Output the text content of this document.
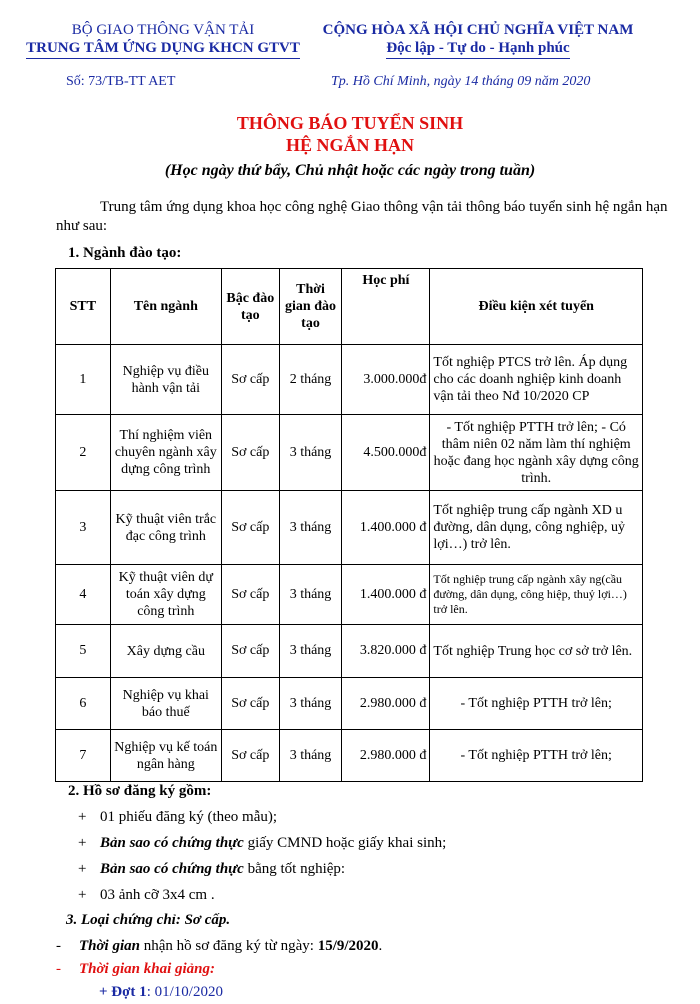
BỘ GIAO THÔNG VẬN TẢI
TRUNG TÂM ỨNG DỤNG KHCN GTVT
CỘNG HÒA XÃ HỘI CHỦ NGHĨA VIỆT NAM
Độc lập - Tự do - Hạnh phúc
Số: 73/TB-TT AET	Tp. Hồ Chí Minh, ngày 14 tháng 09 năm 2020
THÔNG BÁO TUYỂN SINH
HỆ NGẮN HẠN
(Học ngày thứ bẩy, Chủ nhật hoặc các ngày trong tuần)
Trung tâm ứng dụng khoa học công nghệ Giao thông vận tải thông báo tuyển sinh hệ ngắn hạn như sau:
1. Ngành đào tạo:
STT	Tên ngành	Bậc đào tạo	Thời gian đào tạo	Học phí	Điều kiện xét tuyển
1	Nghiệp vụ điều hành vận tải	Sơ cấp	2 tháng	3.000.000đ	Tốt nghiệp PTCS trở lên. Áp dụng cho các doanh nghiệp kinh doanh vận tải theo Nđ 10/2020 CP
2	Thí nghiệm viên chuyên ngành xây dựng công trình	Sơ cấp	3 tháng	4.500.000đ	- Tốt nghiệp PTTH trở lên; - Có thâm niên 02 năm làm thí nghiệm hoặc đang học ngành xây dựng công trình.
3	Kỹ thuật viên trắc đạc công trình	Sơ cấp	3 tháng	1.400.000 đ	Tốt nghiệp trung cấp ngành XD u đường, dân dụng, công nghiệp, uỷ lợi…) trở lên.
4	Kỹ thuật viên dự toán xây dựng công trình	Sơ cấp	3 tháng	1.400.000 đ	Tốt nghiệp trung cấp ngành xây ng(cầu đường, dân dụng, công hiệp, thuỷ lợi…) trở lên.
5	Xây dựng cầu	Sơ cấp	3 tháng	3.820.000 đ	Tốt nghiệp Trung học cơ sở trở lên.
6	Nghiệp vụ khai báo thuế	Sơ cấp	3 tháng	2.980.000 đ	- Tốt nghiệp PTTH trở lên;
7	Nghiệp vụ kế toán ngân hàng	Sơ cấp	3 tháng	2.980.000 đ	- Tốt nghiệp PTTH trở lên;
2. Hồ sơ đăng ký gồm:
+ 01 phiếu đăng ký (theo mẫu);
+ Bản sao có chứng thực giấy CMND hoặc giấy khai sinh;
+ Bản sao có chứng thực bằng tốt nghiệp:
+ 03 ảnh cỡ 3x4 cm .
3. Loại chứng chỉ: Sơ cấp.
- Thời gian nhận hồ sơ đăng ký từ ngày: 15/9/2020.
- Thời gian khai giảng:
+ Đợt 1: 01/10/2020
